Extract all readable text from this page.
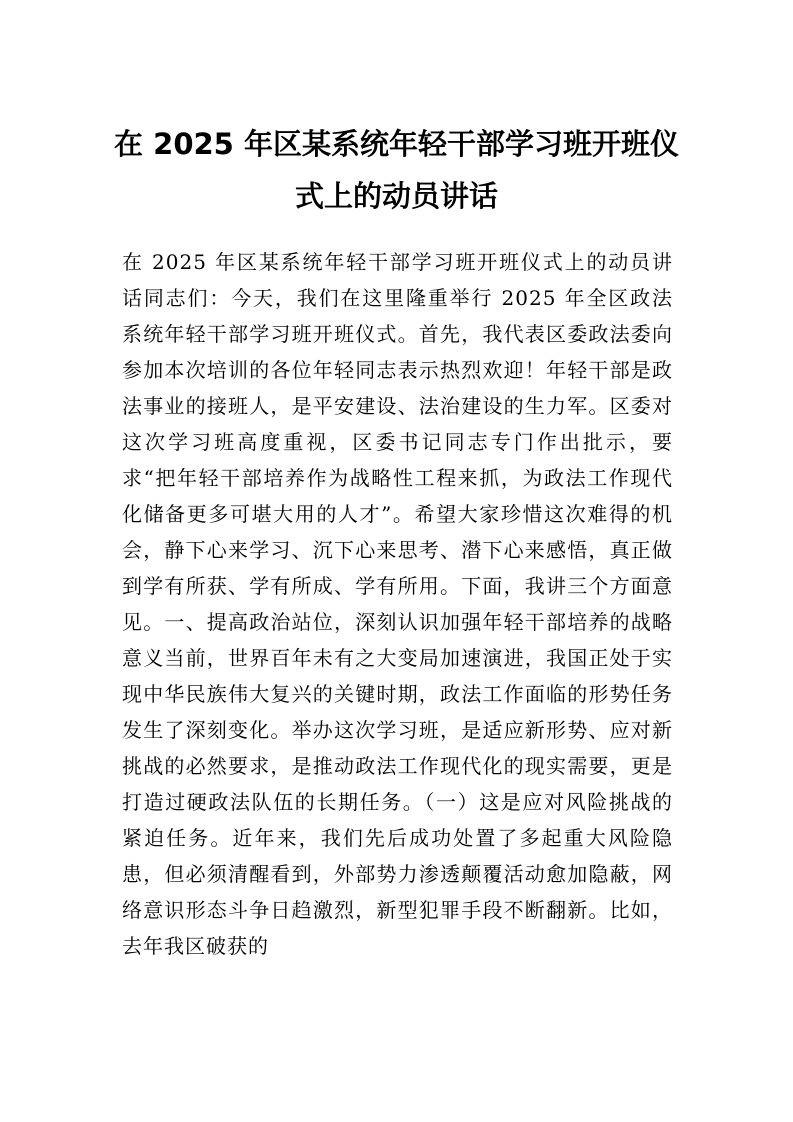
在 2025 年区某系统年轻干部学习班开班仪式上的动员讲话

在 2025 年区某系统年轻干部学习班开班仪式上的动员讲话同志们：今天，我们在这里隆重举行 2025 年全区政法系统年轻干部学习班开班仪式。首先，我代表区委政法委向参加本次培训的各位年轻同志表示热烈欢迎！年轻干部是政法事业的接班人，是平安建设、法治建设的生力军。区委对这次学习班高度重视，区委书记同志专门作出批示，要求“把年轻干部培养作为战略性工程来抓，为政法工作现代化储备更多可堪大用的人才”。希望大家珍惜这次难得的机会，静下心来学习、沉下心来思考、潜下心来感悟，真正做到学有所获、学有所成、学有所用。下面，我讲三个方面意见。一、提高政治站位，深刻认识加强年轻干部培养的战略意义当前，世界百年未有之大变局加速演进，我国正处于实现中华民族伟大复兴的关键时期，政法工作面临的形势任务发生了深刻变化。举办这次学习班，是适应新形势、应对新挑战的必然要求，是推动政法工作现代化的现实需要，更是打造过硬政法队伍的长期任务。（一）这是应对风险挑战的紧迫任务。近年来，我们先后成功处置了多起重大风险隐患，但必须清醒看到，外部势力渗透颠覆活动愈加隐蔽，网络意识形态斗争日趋激烈，新型犯罪手段不断翻新。比如，去年我区破获的
